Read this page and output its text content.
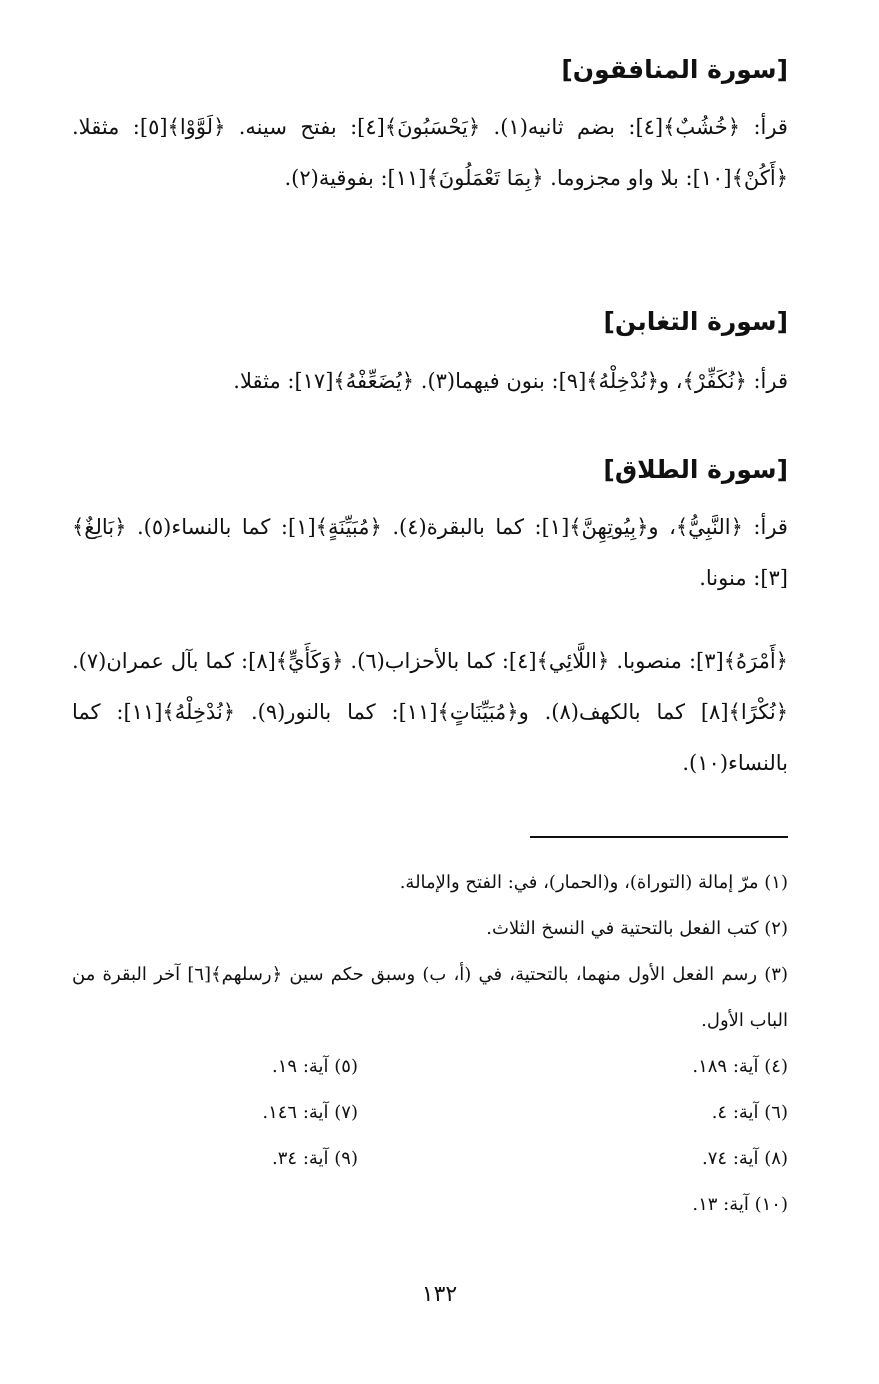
[سورة المنافقون]

قرأ: ﴿خُشُبٌ﴾[٤]: بضم ثانيه(١). ﴿يَحْسَبُونَ﴾[٤]: بفتح سينه. ﴿لَوَّوْا﴾[٥]: مثقلا. ﴿أَكُنْ﴾[١٠]: بلا واو مجزوما. ﴿بِمَا تَعْمَلُونَ﴾[١١]: بفوقية(٢).

[سورة التغابن]

قرأ: ﴿نُكَفِّرْ﴾، و﴿نُدْخِلْهُ﴾[٩]: بنون فيهما(٣). ﴿يُضَعِّفْهُ﴾[١٧]: مثقلا.

[سورة الطلاق]

قرأ: ﴿النَّبِيُّ﴾، و﴿بِيُوتِهِنَّ﴾[١]: كما بالبقرة(٤). ﴿مُبَيِّنَةٍ﴾[١]: كما بالنساء(٥). ﴿بَالِغٌ﴾[٣]: منونا.

﴿أَمْرَهُ﴾[٣]: منصوبا. ﴿اللَّائِي﴾[٤]: كما بالأحزاب(٦). ﴿وَكَأَيٍّ﴾[٨]: كما بآل عمران(٧). ﴿نُكْرًا﴾[٨] كما بالكهف(٨). و﴿مُبَيِّنَاتٍ﴾[١١]: كما بالنور(٩). ﴿نُدْخِلْهُ﴾[١١]: كما بالنساء(١٠).

(١) مرّ إمالة (التوراة)، و(الحمار)، في: الفتح والإمالة.

(٢) كتب الفعل بالتحتية في النسخ الثلاث.

(٣) رسم الفعل الأول منهما، بالتحتية، في (أ، ب) وسبق حكم سين ﴿رسلهم﴾[٦] آخر البقرة من الباب الأول.

(٤) آية: ١٨٩.
(٥) آية: ١٩.
(٦) آية: ٤.
(٧) آية: ١٤٦.
(٨) آية: ٧٤.
(٩) آية: ٣٤.
(١٠) آية: ١٣.
١٣٢
